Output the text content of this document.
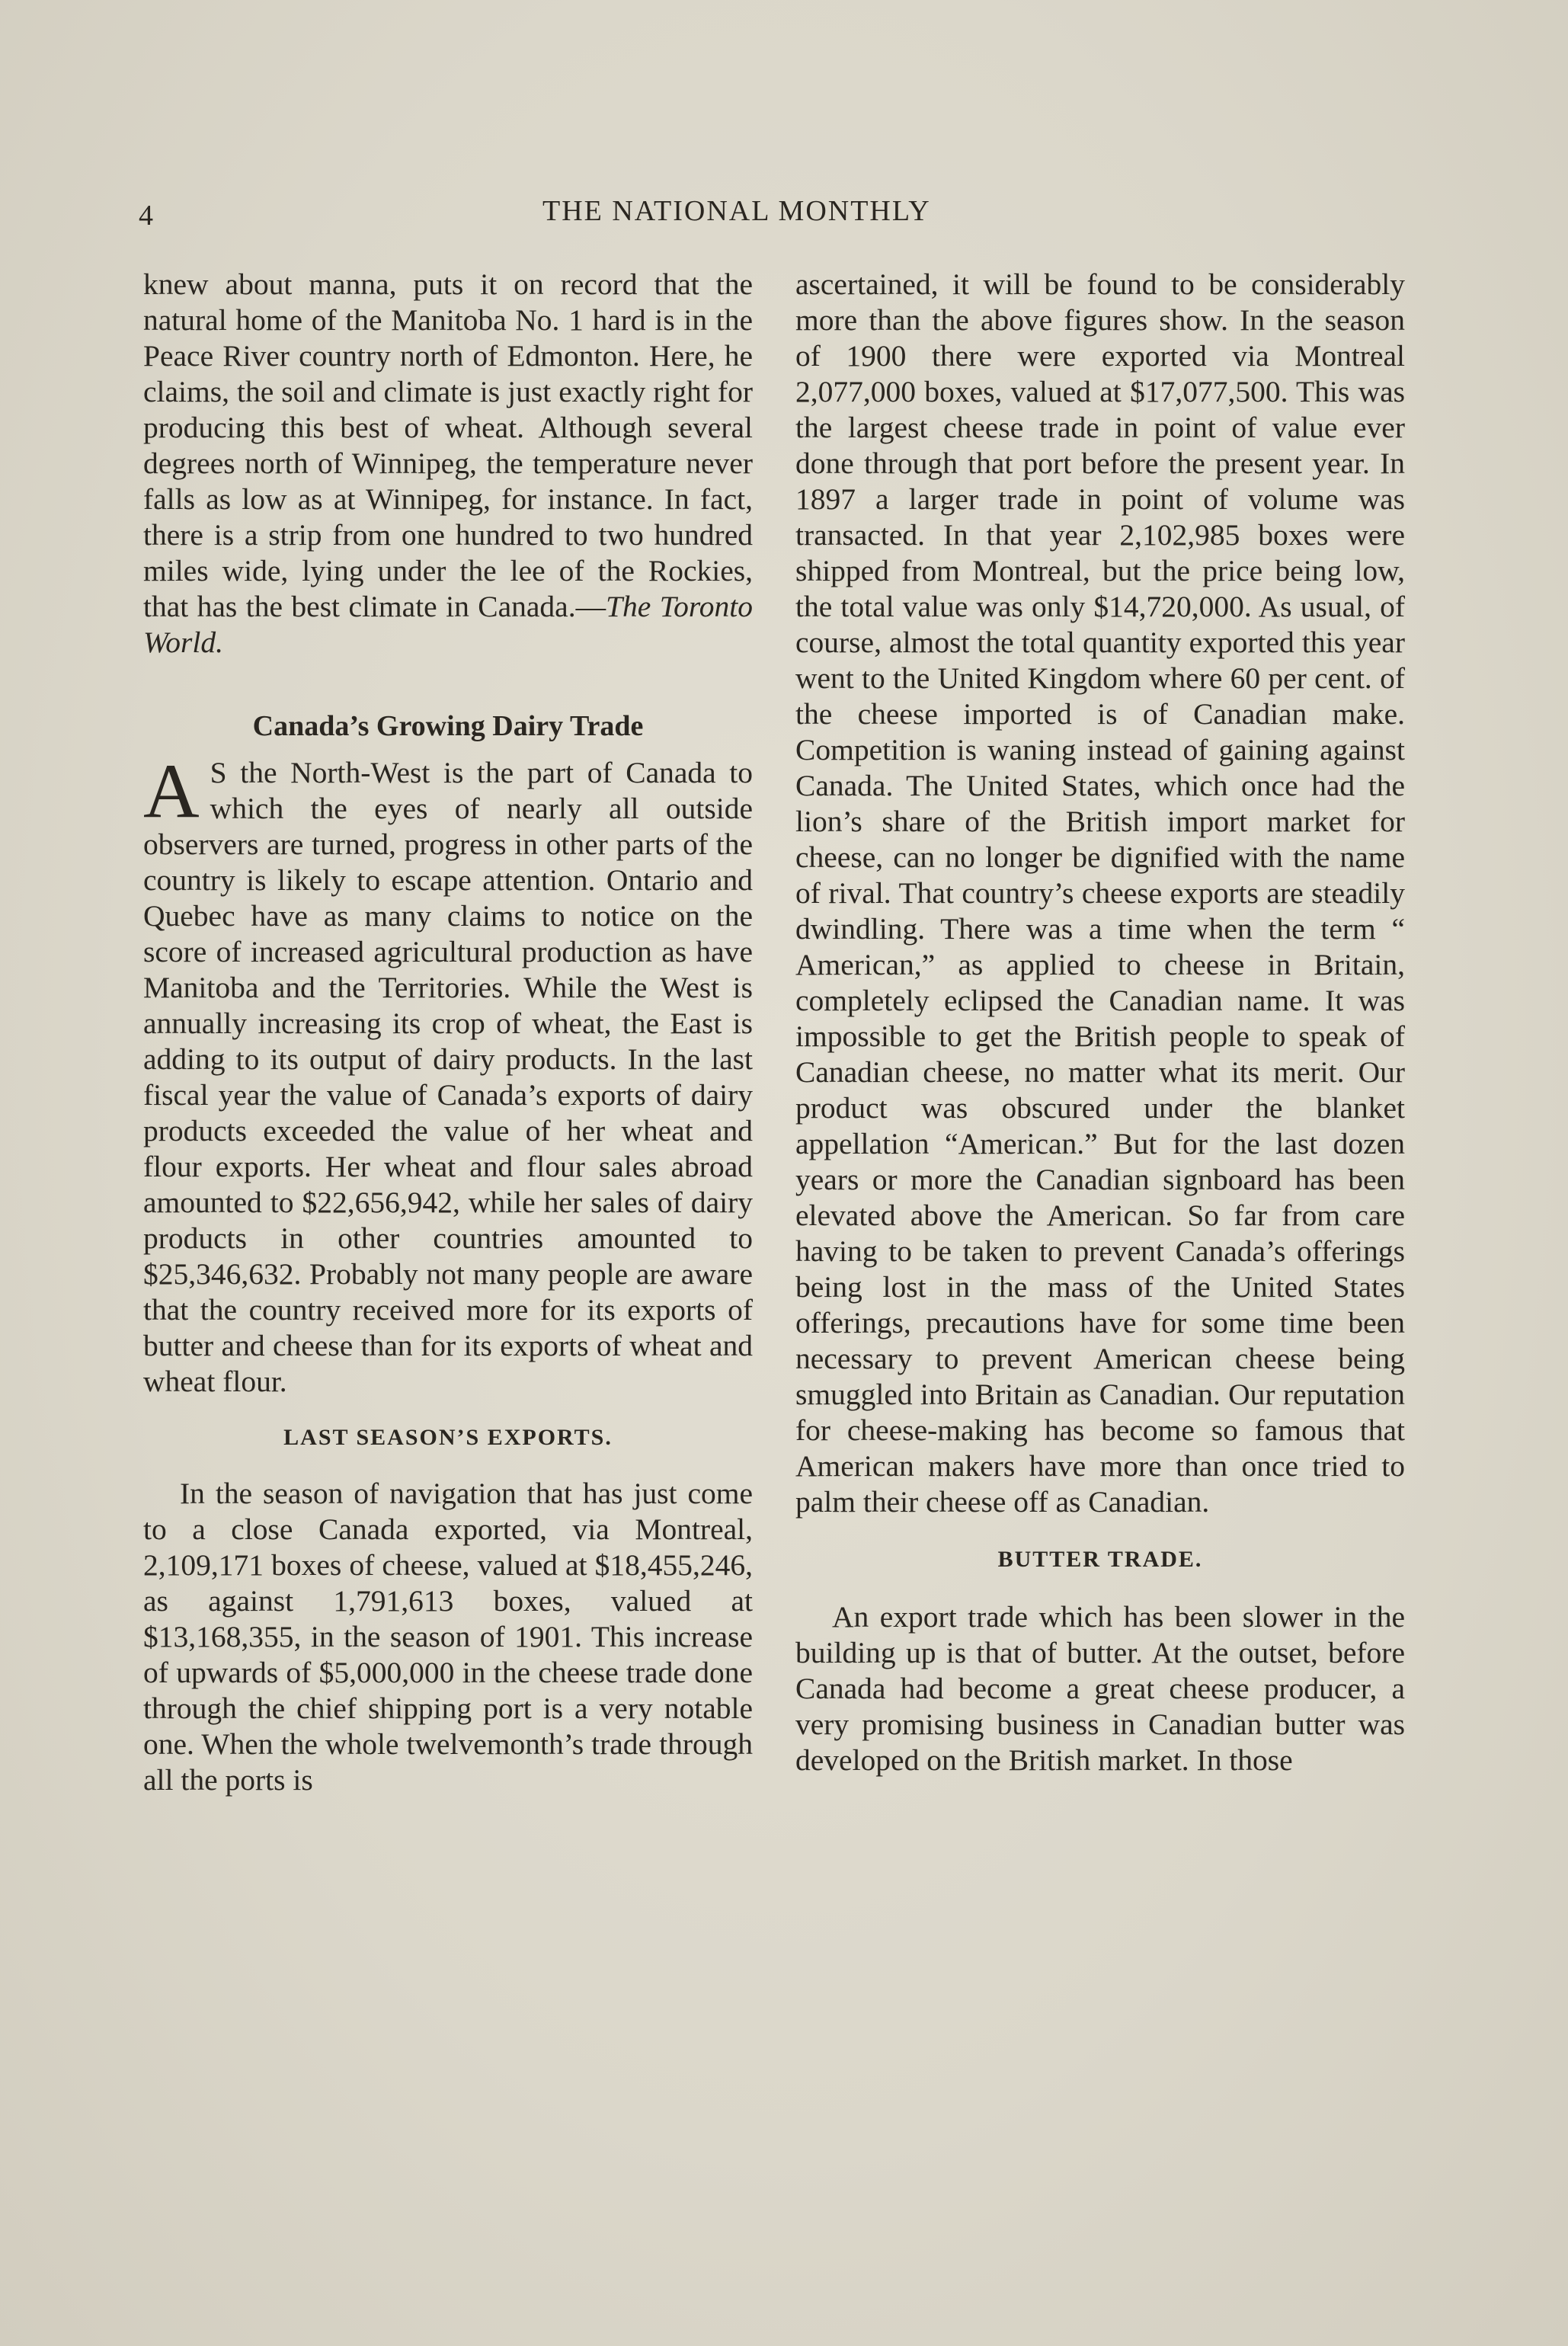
4	THE NATIONAL MONTHLY

knew about manna, puts it on record that the natural home of the Manitoba No. 1 hard is in the Peace River country north of Edmonton. Here, he claims, the soil and climate is just exactly right for producing this best of wheat. Although several degrees north of Winnipeg, the temperature never falls as low as at Winnipeg, for instance. In fact, there is a strip from one hundred to two hundred miles wide, lying under the lee of the Rockies, that has the best climate in Canada.—The Toronto World.

Canada’s Growing Dairy Trade

A S the North-West is the part of Canada to which the eyes of nearly all outside observers are turned, progress in other parts of the country is likely to escape attention. Ontario and Quebec have as many claims to notice on the score of increased agricultural production as have Manitoba and the Territories. While the West is annually increasing its crop of wheat, the East is adding to its output of dairy products. In the last fiscal year the value of Canada’s exports of dairy products exceeded the value of her wheat and flour exports. Her wheat and flour sales abroad amounted to $22,656,942, while her sales of dairy products in other countries amounted to $25,346,632. Probably not many people are aware that the country received more for its exports of butter and cheese than for its exports of wheat and wheat flour.

LAST SEASON’S EXPORTS.

In the season of navigation that has just come to a close Canada exported, via Montreal, 2,109,171 boxes of cheese, valued at $18,455,246, as against 1,791,613 boxes, valued at $13,168,355, in the season of 1901. This increase of upwards of $5,000,000 in the cheese trade done through the chief shipping port is a very notable one. When the whole twelvemonth’s trade through all the ports is

ascertained, it will be found to be considerably more than the above figures show. In the season of 1900 there were exported via Montreal 2,077,000 boxes, valued at $17,077,500. This was the largest cheese trade in point of value ever done through that port before the present year. In 1897 a larger trade in point of volume was transacted. In that year 2,102,985 boxes were shipped from Montreal, but the price being low, the total value was only $14,720,000. As usual, of course, almost the total quantity exported this year went to the United Kingdom where 60 per cent. of the cheese imported is of Canadian make. Competition is waning instead of gaining against Canada. The United States, which once had the lion’s share of the British import market for cheese, can no longer be dignified with the name of rival. That country’s cheese exports are steadily dwindling. There was a time when the term “ American,” as applied to cheese in Britain, completely eclipsed the Canadian name. It was impossible to get the British people to speak of Canadian cheese, no matter what its merit. Our product was obscured under the blanket appellation “American.” But for the last dozen years or more the Canadian signboard has been elevated above the American. So far from care having to be taken to prevent Canada’s offerings being lost in the mass of the United States offerings, precautions have for some time been necessary to prevent American cheese being smuggled into Britain as Canadian. Our reputation for cheese-making has become so famous that American makers have more than once tried to palm their cheese off as Canadian.

BUTTER TRADE.

An export trade which has been slower in the building up is that of butter. At the outset, before Canada had become a great cheese producer, a very promising business in Canadian butter was developed on the British market. In those
